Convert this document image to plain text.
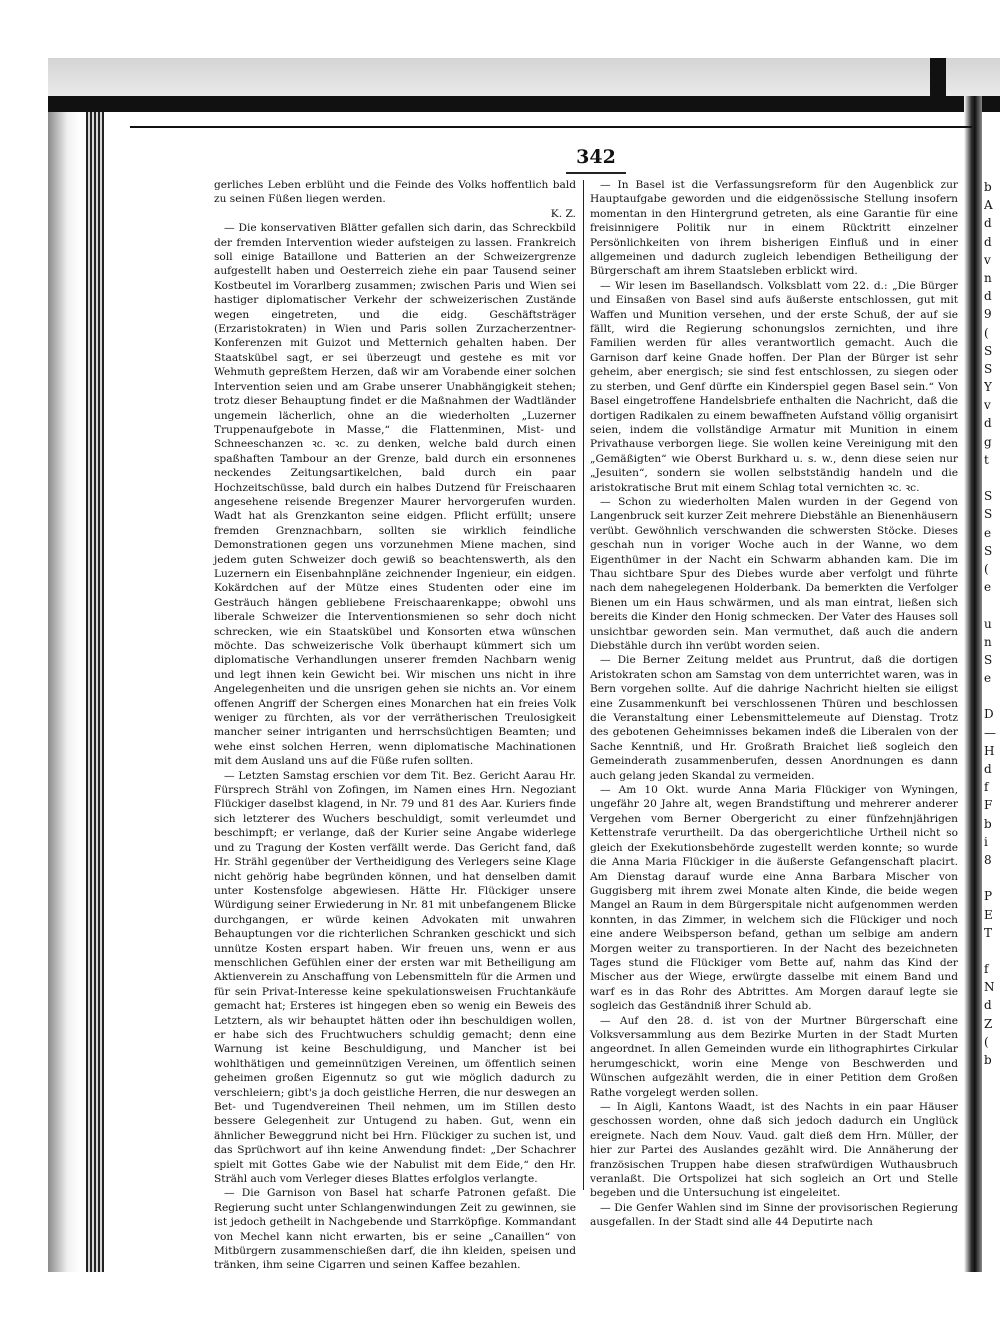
342

gerliches Leben erblüht und die Feinde des Volks hoffentlich bald zu seinen Füßen liegen werden.

K. Z.

— Die konservativen Blätter gefallen sich darin, das Schreckbild der fremden Intervention wieder aufsteigen zu lassen. Frankreich soll einige Bataillone und Batterien an der Schweizergrenze aufgestellt haben und Oesterreich ziehe ein paar Tausend seiner Kostbeutel im Vorarlberg zusammen; zwischen Paris und Wien sei hastiger diplomatischer Verkehr der schweizerischen Zustände wegen eingetreten, und die eidg. Geschäftsträger (Erzaristokraten) in Wien und Paris sollen Zurzacherzentner-Konferenzen mit Guizot und Metternich gehalten haben. Der Staatskübel sagt, er sei überzeugt und gestehe es mit vor Wehmuth gepreßtem Herzen, daß wir am Vorabende einer solchen Intervention seien und am Grabe unserer Unabhängigkeit stehen; trotz dieser Behauptung findet er die Maßnahmen der Wadtländer ungemein lächerlich, ohne an die wiederholten „Luzerner Truppenaufgebote in Masse,“ die Flattenminen, Mist- und Schneeschanzen ꝛc. ꝛc. zu denken, welche bald durch einen spaßhaften Tambour an der Grenze, bald durch ein ersonnenes neckendes Zeitungsartikelchen, bald durch ein paar Hochzeitschüsse, bald durch ein halbes Dutzend für Freischaaren angesehene reisende Bregenzer Maurer hervorgerufen wurden. Wadt hat als Grenzkanton seine eidgen. Pflicht erfüllt; unsere fremden Grenznachbarn, sollten sie wirklich feindliche Demonstrationen gegen uns vorzunehmen Miene machen, sind jedem guten Schweizer doch gewiß so beachtenswerth, als den Luzernern ein Eisenbahnpläne zeichnender Ingenieur, ein eidgen. Kokärdchen auf der Mütze eines Studenten oder eine im Gesträuch hängen gebliebene Freischaarenkappe; obwohl uns liberale Schweizer die Interventionsmienen so sehr doch nicht schrecken, wie ein Staatskübel und Konsorten etwa wünschen möchte. Das schweizerische Volk überhaupt kümmert sich um diplomatische Verhandlungen unserer fremden Nachbarn wenig und legt ihnen kein Gewicht bei. Wir mischen uns nicht in ihre Angelegenheiten und die unsrigen gehen sie nichts an. Vor einem offenen Angriff der Schergen eines Monarchen hat ein freies Volk weniger zu fürchten, als vor der verrätherischen Treulosigkeit mancher seiner intriganten und herrschsüchtigen Beamten; und wehe einst solchen Herren, wenn diplomatische Machinationen mit dem Ausland uns auf die Füße rufen sollten.

— Letzten Samstag erschien vor dem Tit. Bez. Gericht Aarau Hr. Fürsprech Strähl von Zofingen, im Namen eines Hrn. Negoziant Flückiger daselbst klagend, in Nr. 79 und 81 des Aar. Kuriers finde sich letzterer des Wuchers beschuldigt, somit verleumdet und beschimpft; er verlange, daß der Kurier seine Angabe widerlege und zu Tragung der Kosten verfällt werde. Das Gericht fand, daß Hr. Strähl gegenüber der Vertheidigung des Verlegers seine Klage nicht gehörig habe begründen können, und hat denselben damit unter Kostensfolge abgewiesen. Hätte Hr. Flückiger unsere Würdigung seiner Erwiederung in Nr. 81 mit unbefangenem Blicke durchgangen, er würde keinen Advokaten mit unwahren Behauptungen vor die richterlichen Schranken geschickt und sich unnütze Kosten erspart haben. Wir freuen uns, wenn er aus menschlichen Gefühlen einer der ersten war mit Betheiligung am Aktienverein zu Anschaffung von Lebensmitteln für die Armen und für sein Privat-Interesse keine spekulationsweisen Fruchtankäufe gemacht hat; Ersteres ist hingegen eben so wenig ein Beweis des Letztern, als wir behauptet hätten oder ihn beschuldigen wollen, er habe sich des Fruchtwuchers schuldig gemacht; denn eine Warnung ist keine Beschuldigung, und Mancher ist bei wohlthätigen und gemeinnützigen Vereinen, um öffentlich seinen geheimen großen Eigennutz so gut wie möglich dadurch zu verschleiern; gibt's ja doch geistliche Herren, die nur deswegen an Bet- und Tugendvereinen Theil nehmen, um im Stillen desto bessere Gelegenheit zur Untugend zu haben. Gut, wenn ein ähnlicher Beweggrund nicht bei Hrn. Flückiger zu suchen ist, und das Sprüchwort auf ihn keine Anwendung findet: „Der Schachrer spielt mit Gottes Gabe wie der Nabulist mit dem Eide,“ den Hr. Strähl auch vom Verleger dieses Blattes erfolglos verlangte.

— Die Garnison von Basel hat scharfe Patronen gefaßt. Die Regierung sucht unter Schlangenwindungen Zeit zu gewinnen, sie ist jedoch getheilt in Nachgebende und Starrköpfige. Kommandant von Mechel kann nicht erwarten, bis er seine „Canaillen“ von Mitbürgern zusammenschießen darf, die ihn kleiden, speisen und tränken, ihm seine Cigarren und seinen Kaffee bezahlen.

— In Basel ist die Verfassungsreform für den Augenblick zur Hauptaufgabe geworden und die eidgenössische Stellung insofern momentan in den Hintergrund getreten, als eine Garantie für eine freisinnigere Politik nur in einem Rücktritt einzelner Persönlichkeiten von ihrem bisherigen Einfluß und in einer allgemeinen und dadurch zugleich lebendigen Betheiligung der Bürgerschaft am ihrem Staatsleben erblickt wird.

— Wir lesen im Basellandsch. Volksblatt vom 22. d.: „Die Bürger und Einsaßen von Basel sind aufs äußerste entschlossen, gut mit Waffen und Munition versehen, und der erste Schuß, der auf sie fällt, wird die Regierung schonungslos zernichten, und ihre Familien werden für alles verantwortlich gemacht. Auch die Garnison darf keine Gnade hoffen. Der Plan der Bürger ist sehr geheim, aber energisch; sie sind fest entschlossen, zu siegen oder zu sterben, und Genf dürfte ein Kinderspiel gegen Basel sein.“ Von Basel eingetroffene Handelsbriefe enthalten die Nachricht, daß die dortigen Radikalen zu einem bewaffneten Aufstand völlig organisirt seien, indem die vollständige Armatur mit Munition in einem Privathause verborgen liege. Sie wollen keine Vereinigung mit den „Gemäßigten“ wie Oberst Burkhard u. s. w., denn diese seien nur „Jesuiten“, sondern sie wollen selbstständig handeln und die aristokratische Brut mit einem Schlag total vernichten ꝛc. ꝛc.

— Schon zu wiederholten Malen wurden in der Gegend von Langenbruck seit kurzer Zeit mehrere Diebstähle an Bienenhäusern verübt. Gewöhnlich verschwanden die schwersten Stöcke. Dieses geschah nun in voriger Woche auch in der Wanne, wo dem Eigenthümer in der Nacht ein Schwarm abhanden kam. Die im Thau sichtbare Spur des Diebes wurde aber verfolgt und führte nach dem nahegelegenen Holderbank. Da bemerkten die Verfolger Bienen um ein Haus schwärmen, und als man eintrat, ließen sich bereits die Kinder den Honig schmecken. Der Vater des Hauses soll unsichtbar geworden sein. Man vermuthet, daß auch die andern Diebstähle durch ihn verübt worden seien.

— Die Berner Zeitung meldet aus Pruntrut, daß die dortigen Aristokraten schon am Samstag von dem unterrichtet waren, was in Bern vorgehen sollte. Auf die dahrige Nachricht hielten sie eiligst eine Zusammenkunft bei verschlossenen Thüren und beschlossen die Veranstaltung einer Lebensmittelemeute auf Dienstag. Trotz des gebotenen Geheimnisses bekamen indeß die Liberalen von der Sache Kenntniß, und Hr. Großrath Braichet ließ sogleich den Gemeinderath zusammenberufen, dessen Anordnungen es dann auch gelang jeden Skandal zu vermeiden.

— Am 10 Okt. wurde Anna Maria Flückiger von Wyningen, ungefähr 20 Jahre alt, wegen Brandstiftung und mehrerer anderer Vergehen vom Berner Obergericht zu einer fünfzehnjährigen Kettenstrafe verurtheilt. Da das obergerichtliche Urtheil nicht so gleich der Exekutionsbehörde zugestellt werden konnte; so wurde die Anna Maria Flückiger in die äußerste Gefangenschaft placirt. Am Dienstag darauf wurde eine Anna Barbara Mischer von Guggisberg mit ihrem zwei Monate alten Kinde, die beide wegen Mangel an Raum in dem Bürgerspitale nicht aufgenommen werden konnten, in das Zimmer, in welchem sich die Flückiger und noch eine andere Weibsperson befand, gethan um selbige am andern Morgen weiter zu transportieren. In der Nacht des bezeichneten Tages stund die Flückiger vom Bette auf, nahm das Kind der Mischer aus der Wiege, erwürgte dasselbe mit einem Band und warf es in das Rohr des Abtrittes. Am Morgen darauf legte sie sogleich das Geständniß ihrer Schuld ab.

— Auf den 28. d. ist von der Murtner Bürgerschaft eine Volksversammlung aus dem Bezirke Murten in der Stadt Murten angeordnet. In allen Gemeinden wurde ein lithographirtes Cirkular herumgeschickt, worin eine Menge von Beschwerden und Wünschen aufgezählt werden, die in einer Petition dem Großen Rathe vorgelegt werden sollen.

— In Aigli, Kantons Waadt, ist des Nachts in ein paar Häuser geschossen worden, ohne daß sich jedoch dadurch ein Unglück ereignete. Nach dem Nouv. Vaud. galt dieß dem Hrn. Müller, der hier zur Partei des Auslandes gezählt wird. Die Annäherung der französischen Truppen habe diesen strafwürdigen Wuthausbruch veranlaßt. Die Ortspolizei hat sich sogleich an Ort und Stelle begeben und die Untersuchung ist eingeleitet.

— Die Genfer Wahlen sind im Sinne der provisorischen Regierung ausgefallen. In der Stadt sind alle 44 Deputirte nach

b
A
d
d
v
n
d
9
(
S
S
Y
v
d
g
t
S
S
e
S
(
e
u
n
S
e
D
—
H
d
f
F
b
i
8
P
E
T
f
N
d
Z
(
b
